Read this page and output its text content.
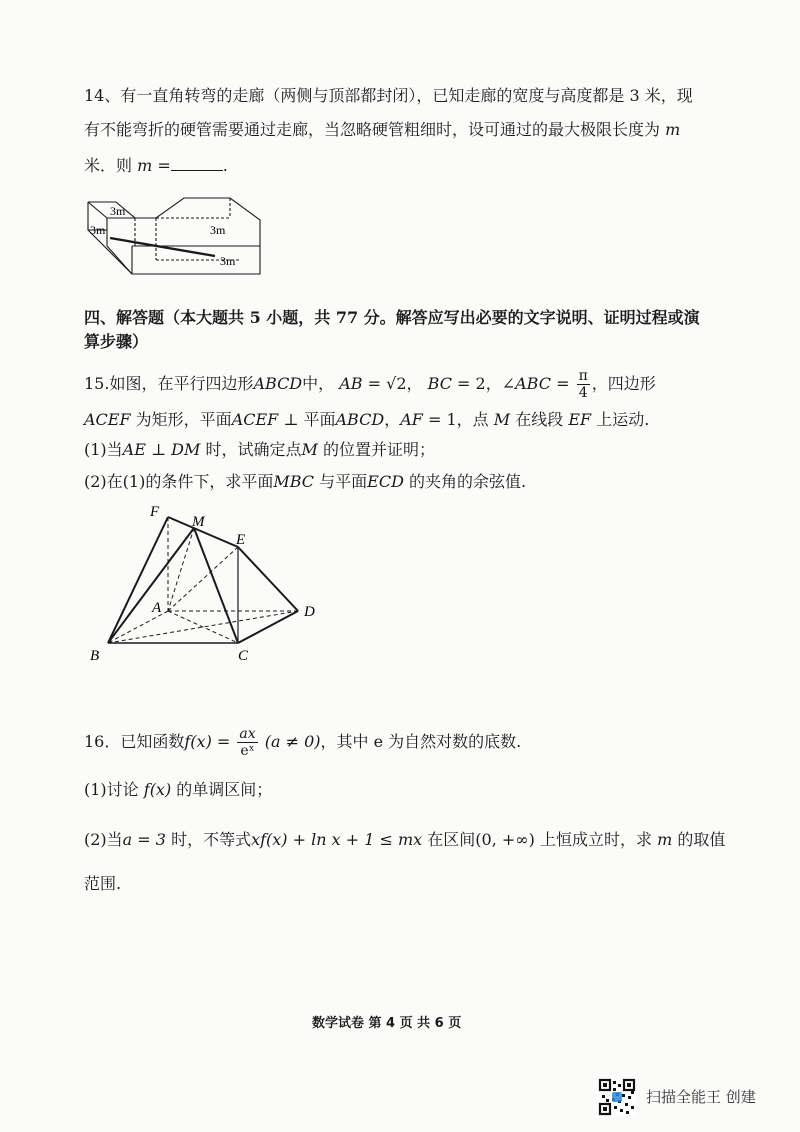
14、有一直角转弯的走廊（两侧与顶部都封闭），已知走廊的宽度与高度都是 3 米，现
有不能弯折的硬管需要通过走廊，当忽略硬管粗细时，设可通过的最大极限长度为 m
米．则 m =	.
3m
3m	3m
3m
四、解答题（本大题共 5 小题，共 77 分。解答应写出必要的文字说明、证明过程或演
算步骤）
15.如图，在平行四边形ABCD中， AB = √2， BC = 2，∠ABC = $\frac{\pi}{4}$ ，四边形
ACEF 为矩形，平面ACEF ⊥ 平面ABCD，AF = 1，点 M 在线段 EF 上运动.
(1)当AE ⊥ DM 时，试确定点M 的位置并证明；
(2)在(1)的条件下，求平面MBC 与平面ECD 的夹角的余弦值.
F
M
E
A	D
B	C
16．已知函数$f(x) = \frac{ax}{\text{eˣ}} (a \ne 0)$，其中 e 为自然对数的底数.
(1)讨论 f(x) 的单调区间；
(2)当a = 3 时，不等式xf(x) + ln x + 1 ≤ mx 在区间(0, +∞) 上恒成立时，求 m 的取值
范围.
数学试卷 第 4 页 共 6 页
扫描全能王 创建
